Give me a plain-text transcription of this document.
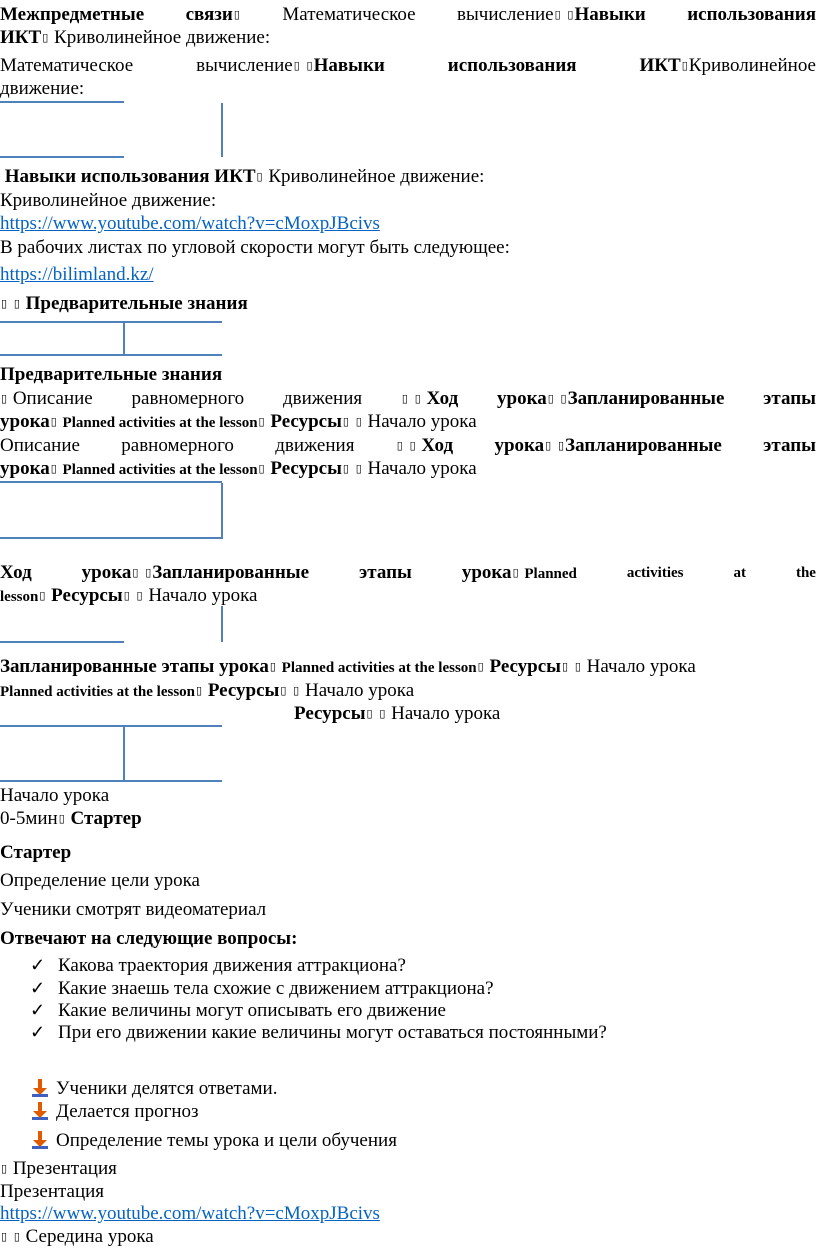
Межпредметные связи▯ Математическое вычисление▯ ▯Навыки использования
ИКТ▯ Криволинейное движение:
Математическое	вычисление▯ ▯Навыки	использования	ИКТ▯Криволинейное
движение:
Навыки использования ИКТ▯ Криволинейное движение:
Криволинейное движение:
https://www.youtube.com/watch?v=cMoxpJBcivs
В рабочих листах по угловой скорости могут быть следующее:
https://bilimland.kz/
▯ ▯ Предварительные знания
Предварительные знания
▯ Описание равномерного движения	▯ ▯ Ход урока▯ ▯Запланированные этапы
урока▯ Planned activities at the lesson▯ Ресурсы▯ ▯ Начало урока
Описание равномерного движения	▯ ▯ Ход урока▯ ▯Запланированные этапы
урока▯ Planned activities at the lesson▯ Ресурсы▯ ▯ Начало урока
Ход	урока▯ ▯Запланированные	этапы	урока▯ Planned	activities	at	the
lesson▯ Ресурсы▯ ▯ Начало урока
Запланированные этапы урока▯ Planned activities at the lesson▯ Ресурсы▯ ▯ Начало урока
Planned activities at the lesson▯ Ресурсы▯ ▯ Начало урока
Ресурсы▯ ▯ Начало урока
Начало урока
0-5мин▯ Стартер
Стартер
Определение цели урока
Ученики смотрят видеоматериал
Отвечают на следующие вопросы:
✓ Какова траектория движения аттракциона?
✓ Какие знаешь тела схожие с движением аттракциона?
✓ Какие величины могут описывать его движение
✓ При его движении какие величины могут оставаться постоянными?
Ученики делятся ответами.
Делается прогноз
Определение темы урока и цели обучения
▯ Презентация
Презентация
https://www.youtube.com/watch?v=cMoxpJBcivs
▯ ▯ Середина урока
